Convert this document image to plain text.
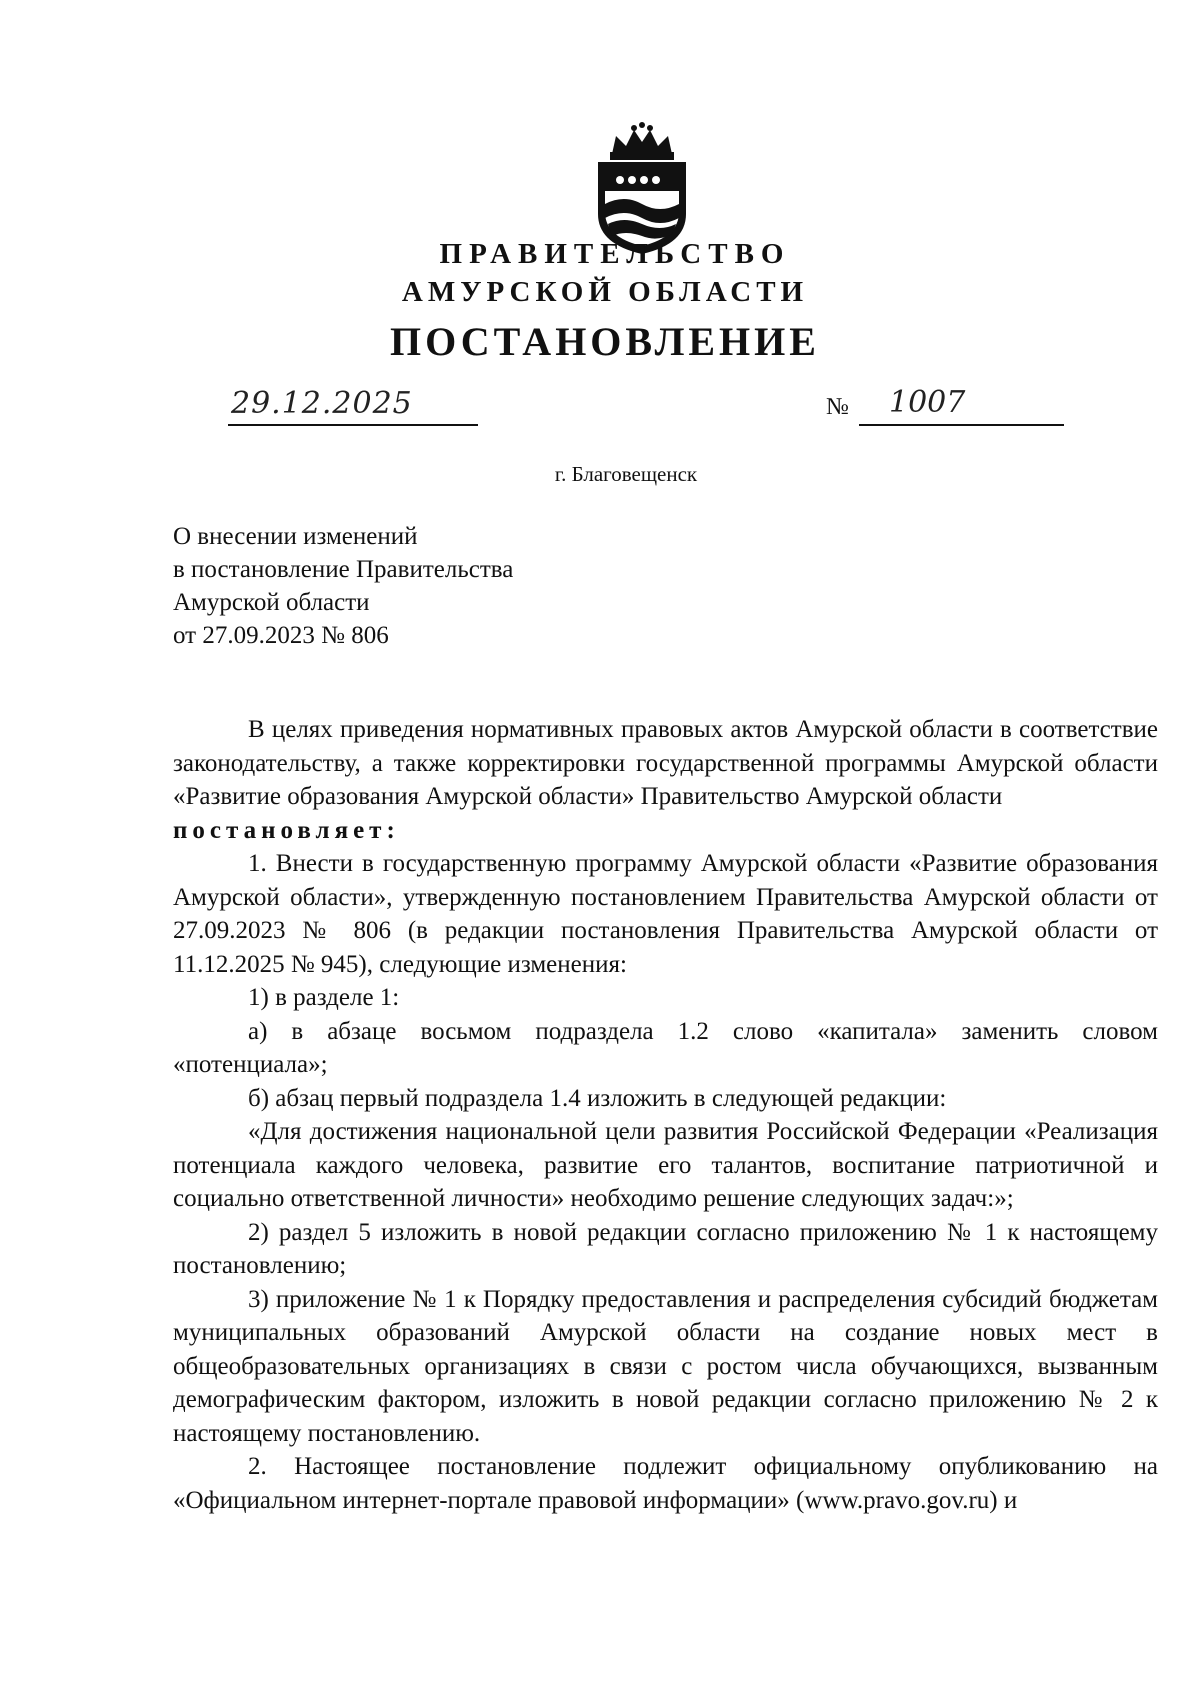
ПРАВИТЕЛЬСТВО
АМУРСКОЙ ОБЛАСТИ
ПОСТАНОВЛЕНИЕ
29.12.2025	№ 1007
г. Благовещенск
О внесении изменений
в постановление Правительства
Амурской области
от 27.09.2023 № 806

В целях приведения нормативных правовых актов Амурской области в соответствие законодательству, а также корректировки государственной программы Амурской области «Развитие образования Амурской области» Правительство Амурской области

постановляет:

1. Внести в государственную программу Амурской области «Развитие образования Амурской области», утвержденную постановлением Правительства Амурской области от 27.09.2023 № 806 (в редакции постановления Правительства Амурской области от 11.12.2025 № 945), следующие изменения:

1) в разделе 1:

а) в абзаце восьмом подраздела 1.2 слово «капитала» заменить словом «потенциала»;

б) абзац первый подраздела 1.4 изложить в следующей редакции:

«Для достижения национальной цели развития Российской Федерации «Реализация потенциала каждого человека, развитие его талантов, воспитание патриотичной и социально ответственной личности» необходимо решение следующих задач:»;

2) раздел 5 изложить в новой редакции согласно приложению № 1 к настоящему постановлению;

3) приложение № 1 к Порядку предоставления и распределения субсидий бюджетам муниципальных образований Амурской области на создание новых мест в общеобразовательных организациях в связи с ростом числа обучающихся, вызванным демографическим фактором, изложить в новой редакции согласно приложению № 2 к настоящему постановлению.

2. Настоящее постановление подлежит официальному опубликованию на «Официальном интернет-портале правовой информации» (www.pravo.gov.ru) и
